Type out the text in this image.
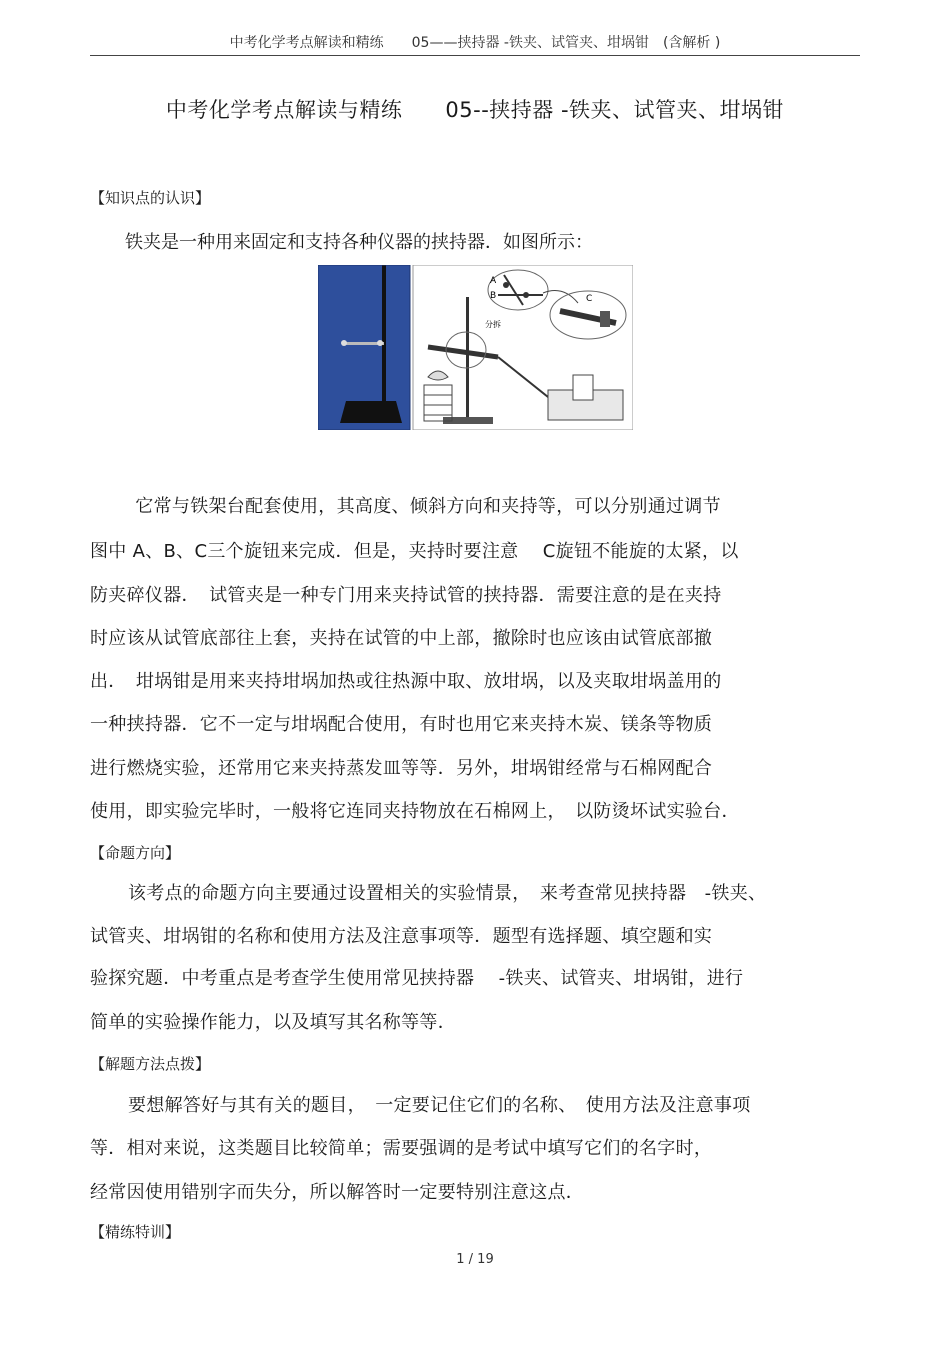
中考化学考点解读和精练　　05——挟持器 -铁夹、试管夹、坩埚钳　(含解析 )
中考化学考点解读与精练　　05--挟持器 -铁夹、试管夹、坩埚钳
【知识点的认识】
铁夹是一种用来固定和支持各种仪器的挟持器．如图所示：
A
B
分拆
C
　它常与铁架台配套使用，其高度、倾斜方向和夹持等，可以分别通过调节
图中 A、B、C三个旋钮来完成．但是，夹持时要注意　 C旋钮不能旋的太紧，以
防夹碎仪器．　试管夹是一种专门用来夹持试管的挟持器．需要注意的是在夹持
时应该从试管底部往上套，夹持在试管的中上部，撤除时也应该由试管底部撤
出．　坩埚钳是用来夹持坩埚加热或往热源中取、放坩埚，以及夹取坩埚盖用的
一种挟持器．它不一定与坩埚配合使用，有时也用它来夹持木炭、镁条等物质
进行燃烧实验，还常用它来夹持蒸发皿等等．另外，坩埚钳经常与石棉网配合
使用，即实验完毕时，一般将它连同夹持物放在石棉网上，　以防烫坏试实验台．
【命题方向】
该考点的命题方向主要通过设置相关的实验情景，　来考查常见挟持器　-铁夹、
试管夹、坩埚钳的名称和使用方法及注意事项等．题型有选择题、填空题和实
验探究题．中考重点是考查学生使用常见挟持器　 -铁夹、试管夹、坩埚钳，进行
简单的实验操作能力，以及填写其名称等等．
【解题方法点拨】
要想解答好与其有关的题目，　一定要记住它们的名称、　使用方法及注意事项
等．相对来说，这类题目比较简单；需要强调的是考试中填写它们的名字时，
经常因使用错别字而失分，所以解答时一定要特别注意这点．
【精练特训】
1 / 19
